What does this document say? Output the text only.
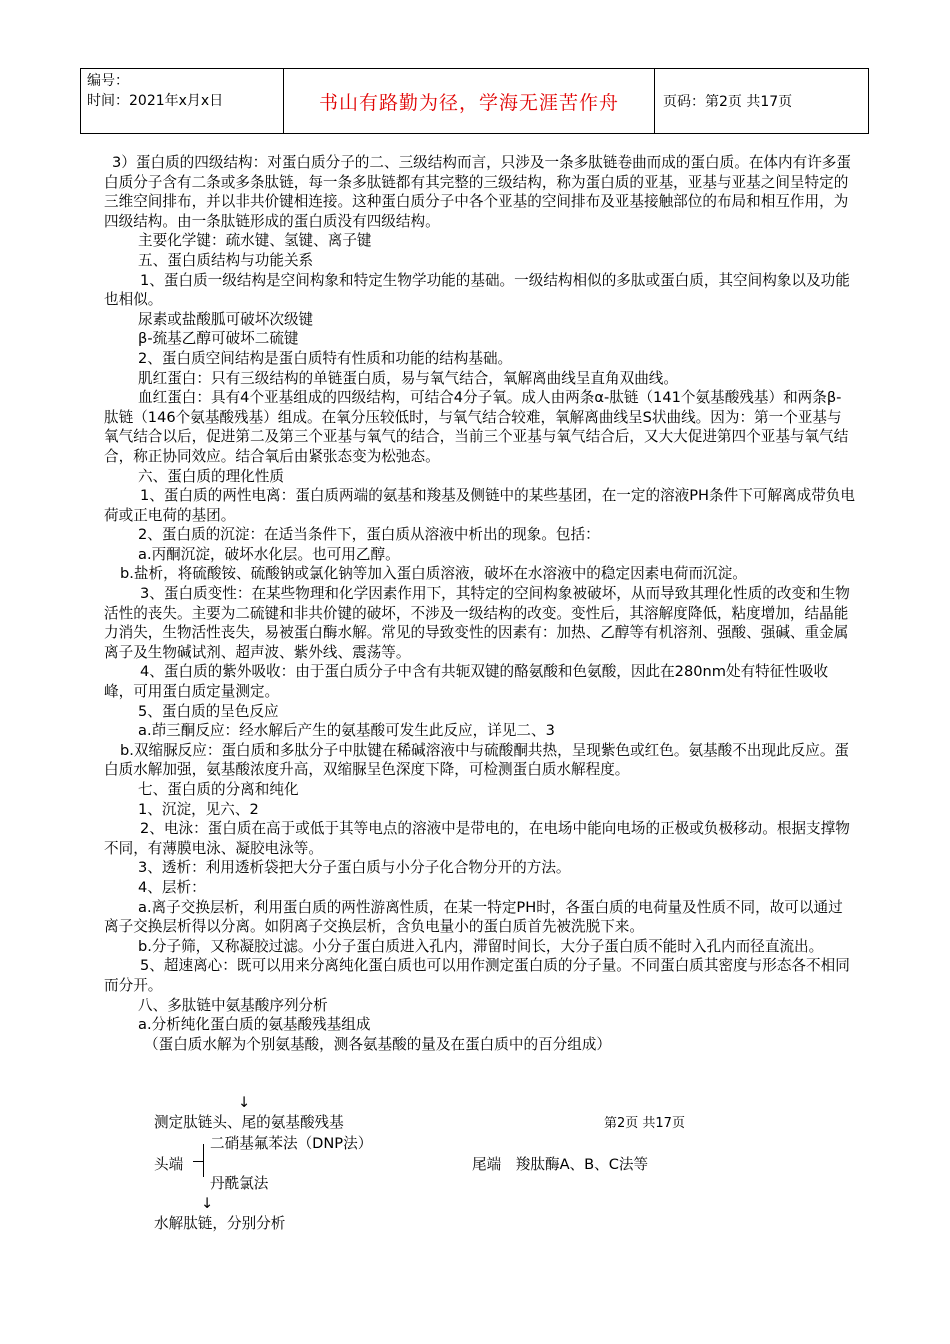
编号：
时间：2021年x月x日	书山有路勤为径，学海无涯苦作舟	页码：第2页 共17页

3）蛋白质的四级结构：对蛋白质分子的二、三级结构而言，只涉及一条多肽链卷曲而成的蛋白质。在体内有许多蛋白质分子含有二条或多条肽链，每一条多肽链都有其完整的三级结构，称为蛋白质的亚基，亚基与亚基之间呈特定的三维空间排布，并以非共价键相连接。这种蛋白质分子中各个亚基的空间排布及亚基接触部位的布局和相互作用，为四级结构。由一条肽链形成的蛋白质没有四级结构。

主要化学键：疏水键、氢键、离子键

五、蛋白质结构与功能关系

1、蛋白质一级结构是空间构象和特定生物学功能的基础。一级结构相似的多肽或蛋白质，其空间构象以及功能也相似。

尿素或盐酸胍可破坏次级键

β-巯基乙醇可破坏二硫键

2、蛋白质空间结构是蛋白质特有性质和功能的结构基础。

肌红蛋白：只有三级结构的单链蛋白质，易与氧气结合，氧解离曲线呈直角双曲线。

血红蛋白：具有4个亚基组成的四级结构，可结合4分子氧。成人由两条α-肽链（141个氨基酸残基）和两条β-肽链（146个氨基酸残基）组成。在氧分压较低时，与氧气结合较难，氧解离曲线呈S状曲线。因为：第一个亚基与氧气结合以后，促进第二及第三个亚基与氧气的结合，当前三个亚基与氧气结合后，又大大促进第四个亚基与氧气结合，称正协同效应。结合氧后由紧张态变为松弛态。

六、蛋白质的理化性质

1、蛋白质的两性电离：蛋白质两端的氨基和羧基及侧链中的某些基团，在一定的溶液PH条件下可解离成带负电荷或正电荷的基团。

2、蛋白质的沉淀：在适当条件下，蛋白质从溶液中析出的现象。包括：

a.丙酮沉淀，破坏水化层。也可用乙醇。

b.盐析，将硫酸铵、硫酸钠或氯化钠等加入蛋白质溶液，破坏在水溶液中的稳定因素电荷而沉淀。

3、蛋白质变性：在某些物理和化学因素作用下，其特定的空间构象被破坏，从而导致其理化性质的改变和生物活性的丧失。主要为二硫键和非共价键的破坏，不涉及一级结构的改变。变性后，其溶解度降低，粘度增加，结晶能力消失，生物活性丧失，易被蛋白酶水解。常见的导致变性的因素有：加热、乙醇等有机溶剂、强酸、强碱、重金属离子及生物碱试剂、超声波、紫外线、震荡等。

4、蛋白质的紫外吸收：由于蛋白质分子中含有共轭双键的酪氨酸和色氨酸，因此在280nm处有特征性吸收峰，可用蛋白质定量测定。

5、蛋白质的呈色反应

a.茚三酮反应：经水解后产生的氨基酸可发生此反应，详见二、3

b.双缩脲反应：蛋白质和多肽分子中肽键在稀碱溶液中与硫酸酮共热，呈现紫色或红色。氨基酸不出现此反应。蛋白质水解加强，氨基酸浓度升高，双缩脲呈色深度下降，可检测蛋白质水解程度。

七、蛋白质的分离和纯化

1、沉淀，见六、2

2、电泳：蛋白质在高于或低于其等电点的溶液中是带电的，在电场中能向电场的正极或负极移动。根据支撑物不同，有薄膜电泳、凝胶电泳等。

3、透析：利用透析袋把大分子蛋白质与小分子化合物分开的方法。

4、层析：

a.离子交换层析，利用蛋白质的两性游离性质，在某一特定PH时，各蛋白质的电荷量及性质不同，故可以通过离子交换层析得以分离。如阴离子交换层析，含负电量小的蛋白质首先被洗脱下来。

b.分子筛，又称凝胶过滤。小分子蛋白质进入孔内，滞留时间长，大分子蛋白质不能时入孔内而径直流出。

5、超速离心：既可以用来分离纯化蛋白质也可以用作测定蛋白质的分子量。不同蛋白质其密度与形态各不相同而分开。

八、多肽链中氨基酸序列分析

a.分析纯化蛋白质的氨基酸残基组成

（蛋白质水解为个别氨基酸，测各氨基酸的量及在蛋白质中的百分组成）

↓
测定肽链头、尾的氨基酸残基	第2页 共17页
二硝基氟苯法（DNP法）
头端	尾端　羧肽酶A、B、C法等
丹酰氯法
↓
水解肽链，分别分析
